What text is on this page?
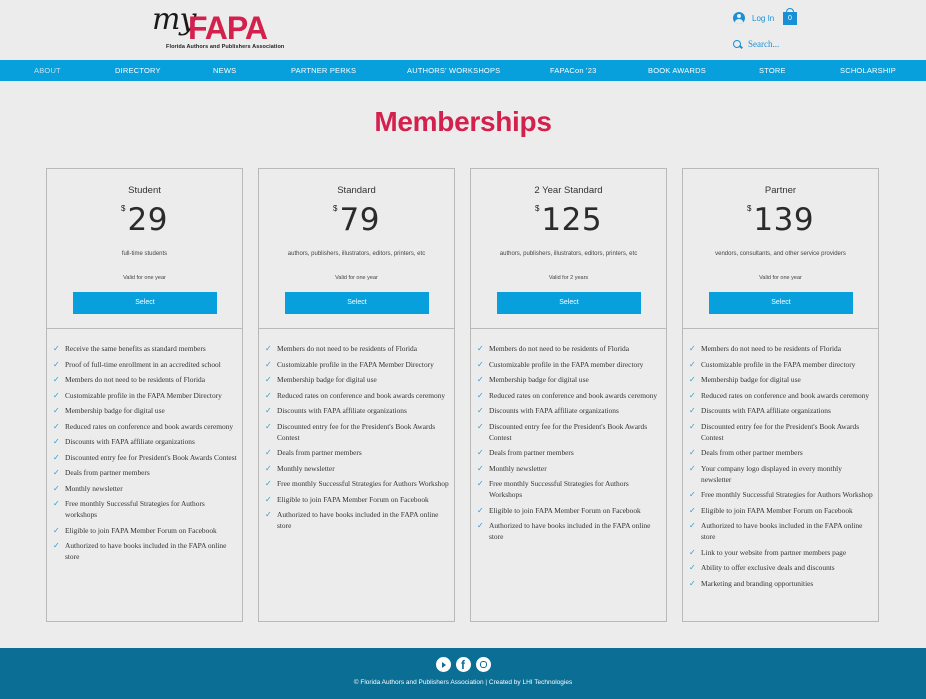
my
FAPA
Florida Authors and Publishers Association
Log In	0
Search...
ABOUT	DIRECTORY	NEWS	PARTNER PERKS	AUTHORS' WORKSHOPS	FAPACon '23	BOOK AWARDS	STORE	SCHOLARSHIP
Memberships
Student
$29
full-time students
Valid for one year
Select
✓ Receive the same benefits as standard members
✓ Proof of full-time enrollment in an accredited school
✓ Members do not need to be residents of Florida
✓ Customizable profile in the FAPA Member Directory
✓ Membership badge for digital use
✓ Reduced rates on conference and book awards ceremony
✓ Discounts with FAPA affiliate organizations
✓ Discounted entry fee for President's Book Awards Contest
✓ Deals from partner members
✓ Monthly newsletter
✓ Free monthly Successful Strategies for Authors workshops
✓ Eligible to join FAPA Member Forum on Facebook
✓ Authorized to have books included in the FAPA online store
Standard
$79
authors, publishers, illustrators, editors, printers, etc
Valid for one year
Select
✓ Members do not need to be residents of Florida
✓ Customizable profile in the FAPA Member Directory
✓ Membership badge for digital use
✓ Reduced rates on conference and book awards ceremony
✓ Discounts with FAPA affiliate organizations
✓ Discounted entry fee for the President's Book Awards Contest
✓ Deals from partner members
✓ Monthly newsletter
✓ Free monthly Successful Strategies for Authors Workshop
✓ Eligible to join FAPA Member Forum on Facebook
✓ Authorized to have books included in the FAPA online store
2 Year Standard
$125
authors, publishers, illustrators, editors, printers, etc
Valid for 2 years
Select
✓ Members do not need to be residents of Florida
✓ Customizable profile in the FAPA member directory
✓ Membership badge for digital use
✓ Reduced rates on conference and book awards ceremony
✓ Discounts with FAPA affiliate organizations
✓ Discounted entry fee for the President's Book Awards Contest
✓ Deals from partner members
✓ Monthly newsletter
✓ Free monthly Successful Strategies for Authors Workshops
✓ Eligible to join FAPA Member Forum on Facebook
✓ Authorized to have books included in the FAPA online store
Partner
$139
vendors, consultants, and other service providers
Valid for one year
Select
✓ Members do not need to be residents of Florida
✓ Customizable profile in the FAPA member directory
✓ Membership badge for digital use
✓ Reduced rates on conference and book awards ceremony
✓ Discounts with FAPA affiliate organizations
✓ Discounted entry fee for the President's Book Awards Contest
✓ Deals from other partner members
✓ Your company logo displayed in every monthly newsletter
✓ Free monthly Successful Strategies for Authors Workshop
✓ Eligible to join FAPA Member Forum on Facebook
✓ Authorized to have books included in the FAPA online store
✓ Link to your website from partner members page
✓ Ability to offer exclusive deals and discounts
✓ Marketing and branding opportunities
f
© Florida Authors and Publishers Association | Created by LHI Technologies
